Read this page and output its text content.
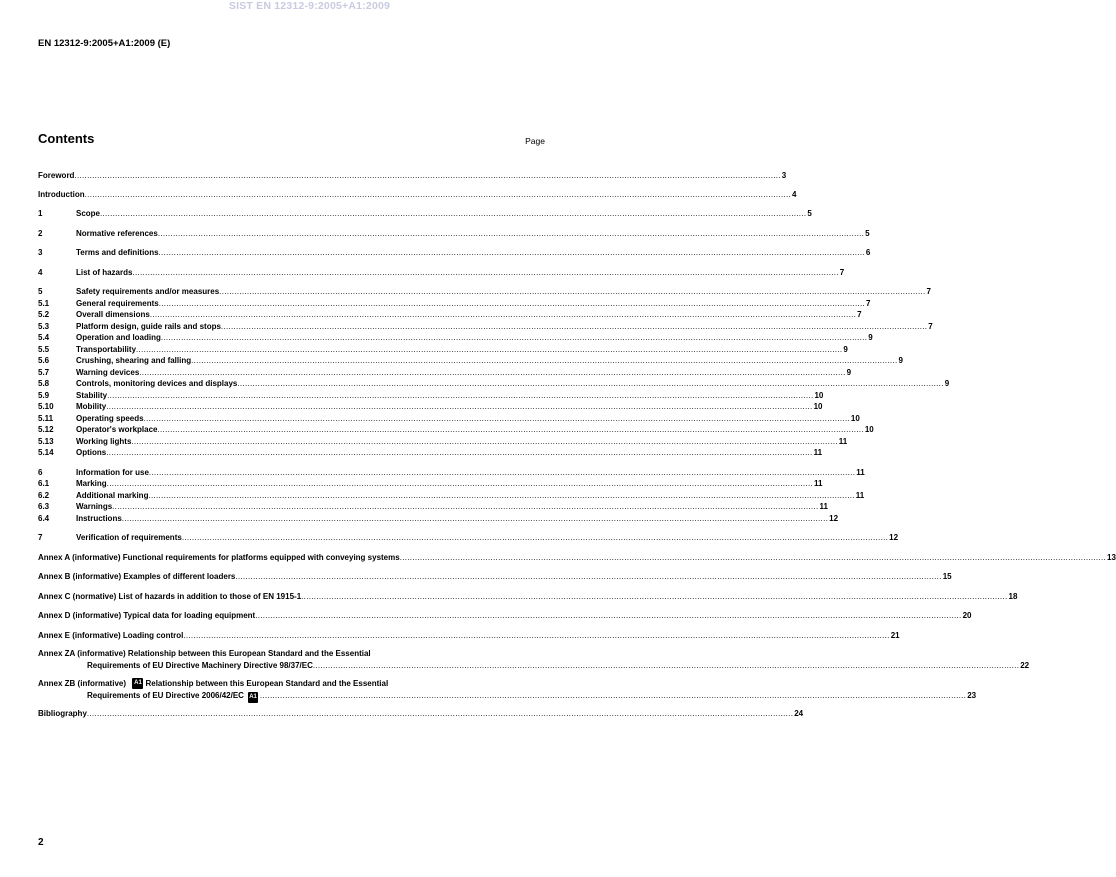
SIST EN 12312-9:2005+A1:2009
EN 12312-9:2005+A1:2009 (E)
Contents	Page
Foreword .....	3
Introduction .....	4
1	Scope .....	5
2	Normative references .....	5
3	Terms and definitions .....	6
4	List of hazards .....	7
5	Safety requirements and/or measures .....	7
5.1	General requirements .....	7
5.2	Overall dimensions .....	7
5.3	Platform design, guide rails and stops .....	7
5.4	Operation and loading .....	9
5.5	Transportability .....	9
5.6	Crushing, shearing and falling .....	9
5.7	Warning devices .....	9
5.8	Controls, monitoring devices and displays .....	9
5.9	Stability .....	10
5.10	Mobility .....	10
5.11	Operating speeds .....	10
5.12	Operator's workplace .....	10
5.13	Working lights .....	11
5.14	Options .....	11
6	Information for use .....	11
6.1	Marking .....	11
6.2	Additional marking .....	11
6.3	Warnings .....	11
6.4	Instructions .....	12
7	Verification of requirements .....	12
Annex A (informative) Functional requirements for platforms equipped with conveying systems .....	13
Annex B (informative) Examples of different loaders .....	15
Annex C (normative) List of hazards in addition to those of EN 1915-1 .....	18
Annex D (informative) Typical data for loading equipment .....	20
Annex E (informative) Loading control .....	21
Annex ZA (informative) Relationship between this European Standard and the Essential
Requirements of EU Directive Machinery Directive 98/37/EC .....	22
Annex ZB (informative) A1 Relationship between this European Standard and the Essential
Requirements of EU Directive 2006/42/EC
A1 .....	23
Bibliography .....	24
2
